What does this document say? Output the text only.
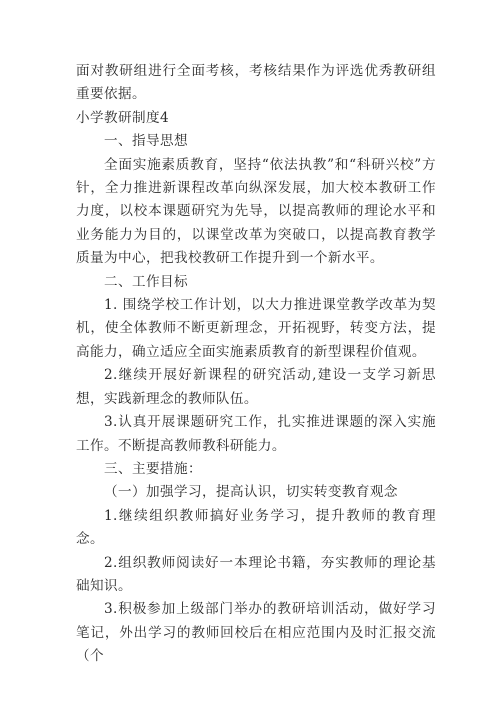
面对教研组进行全面考核，考核结果作为评选优秀教研组重要依据。

小学教研制度4

一、指导思想

全面实施素质教育，坚持“依法执教”和“科研兴校”方针，全力推进新课程改革向纵深发展，加大校本教研工作力度，以校本课题研究为先导，以提高教师的理论水平和业务能力为目的，以课堂改革为突破口，以提高教育教学质量为中心，把我校教研工作提升到一个新水平。

二、工作目标

1. 围绕学校工作计划，以大力推进课堂教学改革为契机，使全体教师不断更新理念，开拓视野，转变方法，提高能力，确立适应全面实施素质教育的新型课程价值观。

2.继续开展好新课程的研究活动,建设一支学习新思想，实践新理念的教师队伍。

3.认真开展课题研究工作，扎实推进课题的深入实施工作。不断提高教师教科研能力。

三、主要措施：

（一）加强学习，提高认识，切实转变教育观念

1.继续组织教师搞好业务学习，提升教师的教育理念。

2.组织教师阅读好一本理论书籍，夯实教师的理论基础知识。

3.积极参加上级部门举办的教研培训活动，做好学习笔记，外出学习的教师回校后在相应范围内及时汇报交流（个
